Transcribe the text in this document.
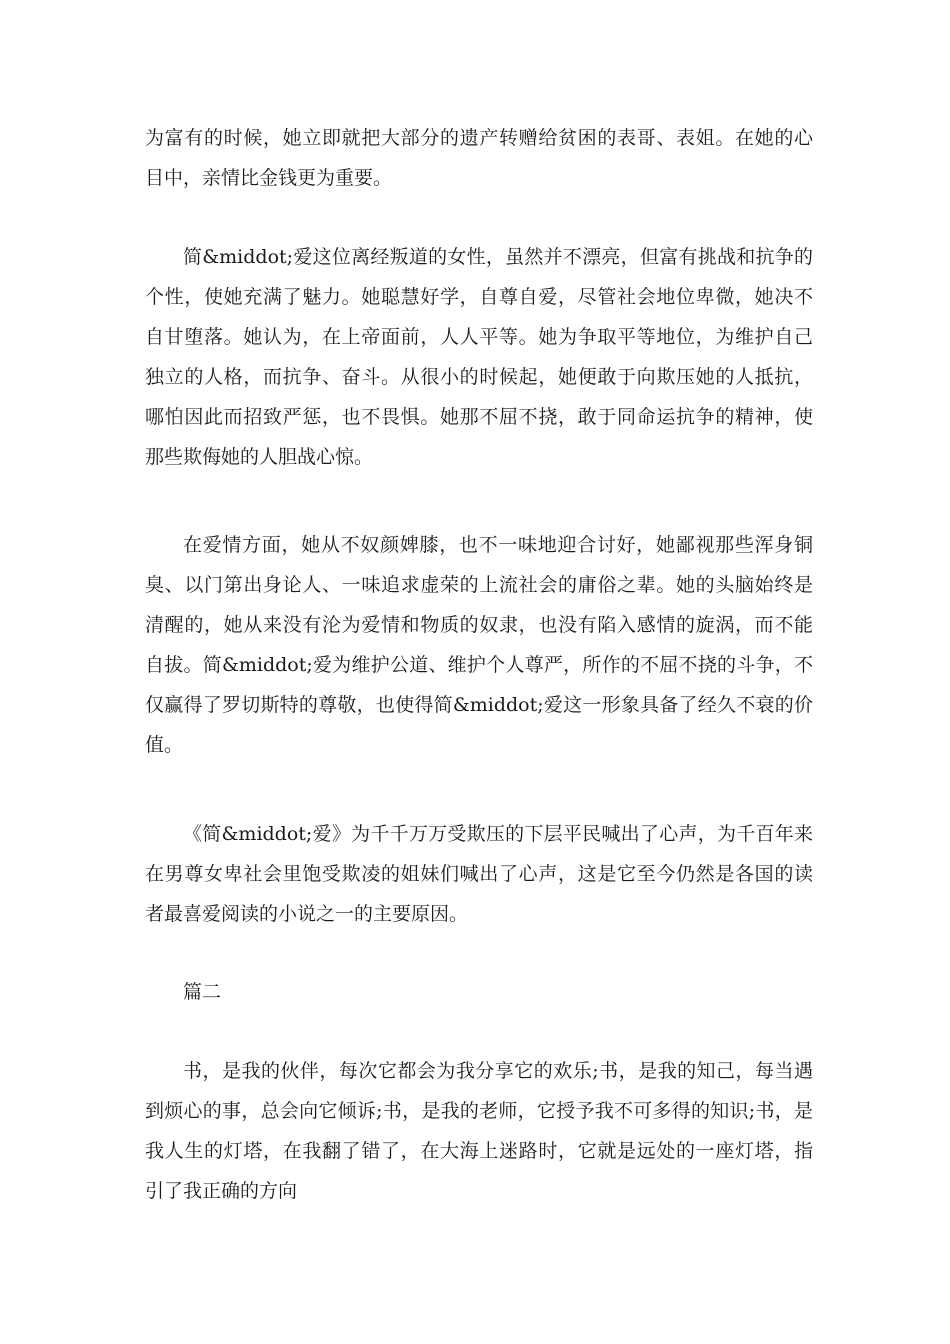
为富有的时候，她立即就把大部分的遗产转赠给贫困的表哥、表姐。在她的心
目中，亲情比金钱更为重要。

简&middot;爱这位离经叛道的女性，虽然并不漂亮，但富有挑战和抗争的
个性，使她充满了魅力。她聪慧好学，自尊自爱，尽管社会地位卑微，她决不
自甘堕落。她认为，在上帝面前，人人平等。她为争取平等地位，为维护自己
独立的人格，而抗争、奋斗。从很小的时候起，她便敢于向欺压她的人抵抗，
哪怕因此而招致严惩，也不畏惧。她那不屈不挠，敢于同命运抗争的精神，使
那些欺侮她的人胆战心惊。

在爱情方面，她从不奴颜婢膝，也不一味地迎合讨好，她鄙视那些浑身铜
臭、以门第出身论人、一味追求虚荣的上流社会的庸俗之辈。她的头脑始终是
清醒的，她从来没有沦为爱情和物质的奴隶，也没有陷入感情的旋涡，而不能
自拔。简&middot;爱为维护公道、维护个人尊严，所作的不屈不挠的斗争，不
仅赢得了罗切斯特的尊敬，也使得简&middot;爱这一形象具备了经久不衰的价
值。

《简&middot;爱》为千千万万受欺压的下层平民喊出了心声，为千百年来
在男尊女卑社会里饱受欺凌的姐妹们喊出了心声，这是它至今仍然是各国的读
者最喜爱阅读的小说之一的主要原因。

篇二

书，是我的伙伴，每次它都会为我分享它的欢乐;书，是我的知己，每当遇
到烦心的事，总会向它倾诉;书，是我的老师，它授予我不可多得的知识;书，是
我人生的灯塔，在我翻了错了，在大海上迷路时，它就是远处的一座灯塔，指
引了我正确的方向
